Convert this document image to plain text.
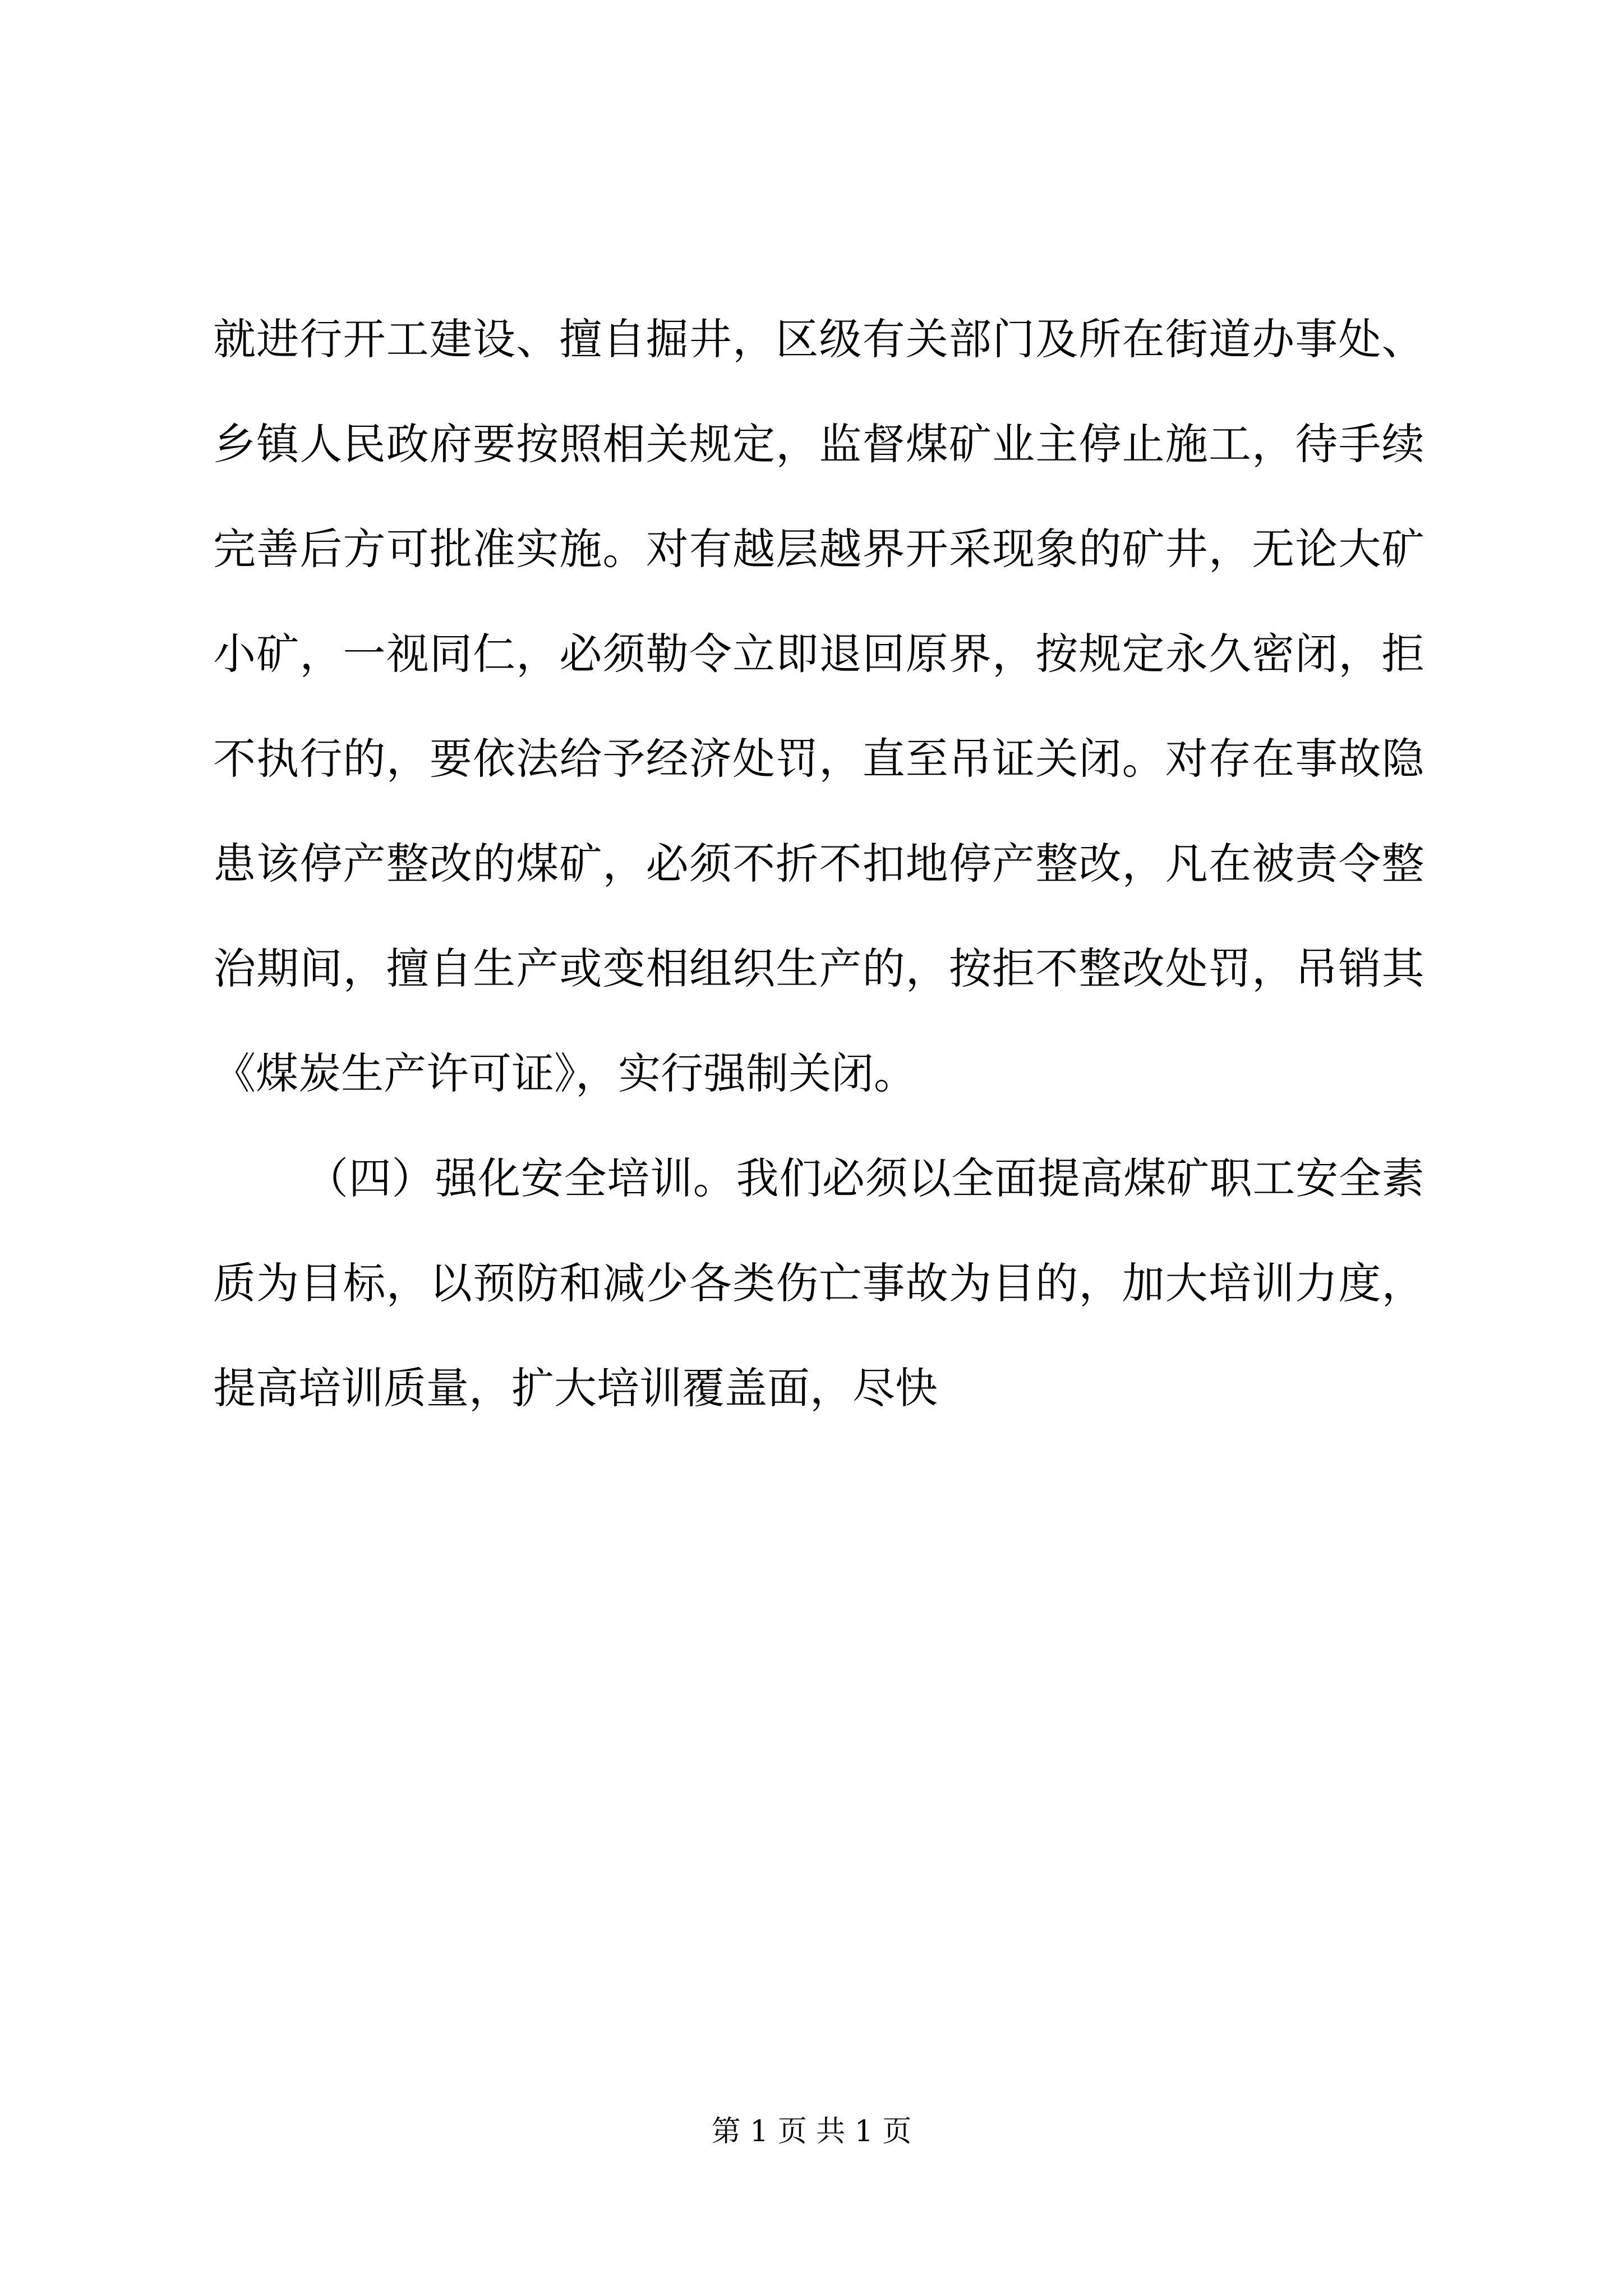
就 进 行 开 工 建 设 、 擅 自 掘 井 ， 区 级 有 关 部 门 及 所 在 街 道 办 事 处 、
乡 镇 人 民 政 府 要 按 照 相 关 规 定 ， 监 督 煤 矿 业 主 停 止 施 工 ， 待 手 续
完 善 后 方 可 批 准 实 施 。 对 有 越 层 越 界 开 采 现 象 的 矿 井 ， 无 论 大 矿
小 矿 ， 一 视 同 仁 ， 必 须 勒 令 立 即 退 回 原 界 ， 按 规 定 永 久 密 闭 ， 拒
不 执 行 的 ， 要 依 法 给 予 经 济 处 罚 ， 直 至 吊 证 关 闭 。 对 存 在 事 故 隐
患 该 停 产 整 改 的 煤 矿 ， 必 须 不 折 不 扣 地 停 产 整 改 ， 凡 在 被 责 令 整
治 期 间 ， 擅 自 生 产 或 变 相 组 织 生 产 的 ， 按 拒 不 整 改 处 罚 ， 吊 销 其
《煤炭生产许可证》，实行强制关闭。
（ 四 ） 强 化 安 全 培 训 。 我 们 必 须 以 全 面 提 高 煤 矿 职 工 安 全 素
质 为 目 标 ， 以 预 防 和 减 少 各 类 伤 亡 事 故 为 目 的 ， 加 大 培 训 力 度 ，
提高培训质量，扩大培训覆盖面，尽快
第 1 页 共 1 页
